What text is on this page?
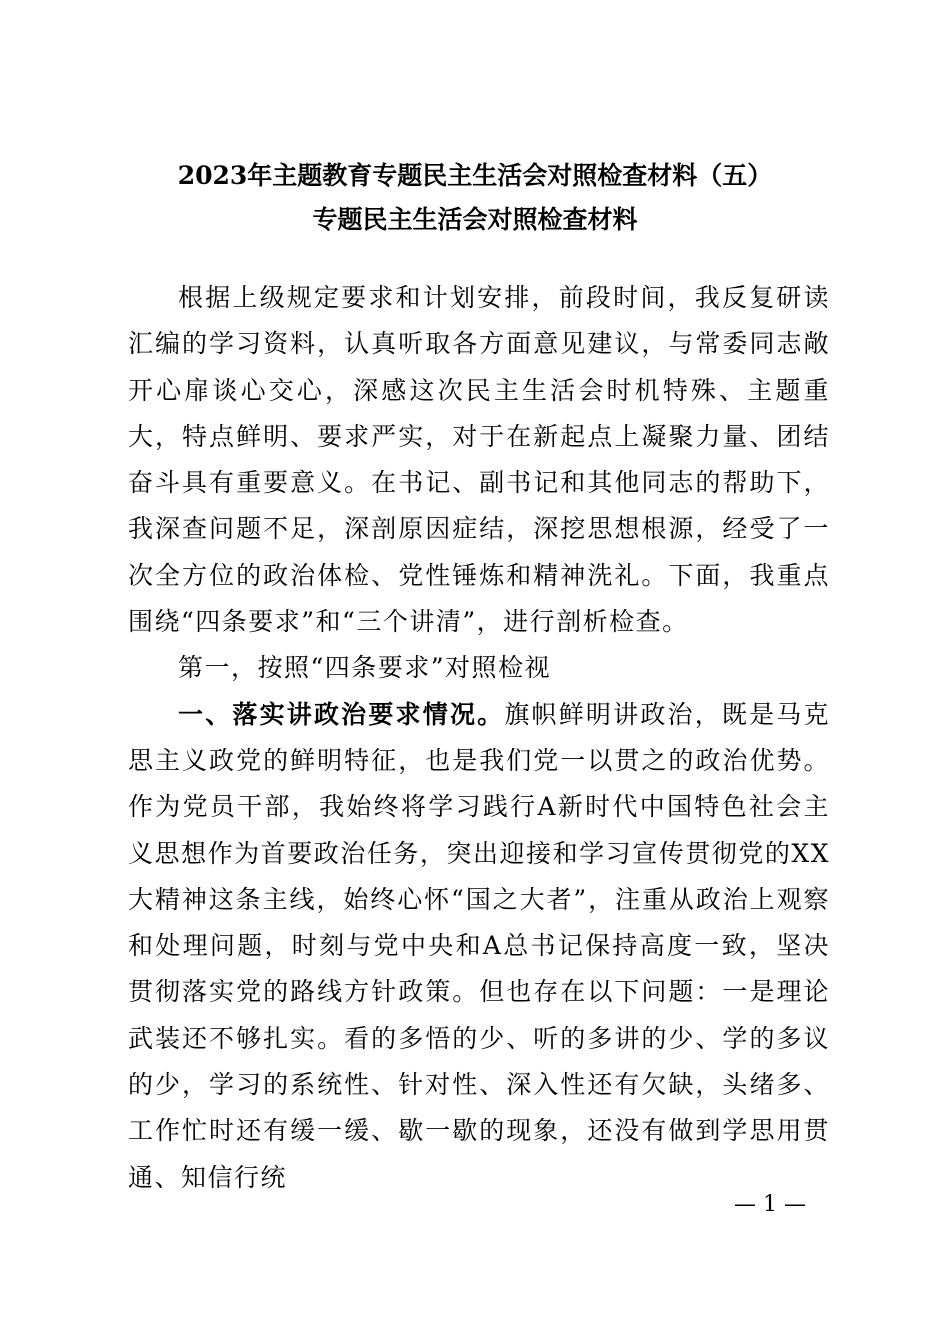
2023年主题教育专题民主生活会对照检查材料（五）
专题民主生活会对照检查材料

根据上级规定要求和计划安排，前段时间，我反复研读汇编的学习资料，认真听取各方面意见建议，与常委同志敞开心扉谈心交心，深感这次民主生活会时机特殊、主题重大，特点鲜明、要求严实，对于在新起点上凝聚力量、团结奋斗具有重要意义。在书记、副书记和其他同志的帮助下，我深查问题不足，深剖原因症结，深挖思想根源，经受了一次全方位的政治体检、党性锤炼和精神洗礼。下面，我重点围绕“四条要求”和“三个讲清”，进行剖析检查。

第一，按照“四条要求”对照检视

一、落实讲政治要求情况。旗帜鲜明讲政治，既是马克思主义政党的鲜明特征，也是我们党一以贯之的政治优势。作为党员干部，我始终将学习践行A新时代中国特色社会主义思想作为首要政治任务，突出迎接和学习宣传贯彻党的XX大精神这条主线，始终心怀“国之大者”，注重从政治上观察和处理问题，时刻与党中央和A总书记保持高度一致，坚决贯彻落实党的路线方针政策。但也存在以下问题：一是理论武装还不够扎实。看的多悟的少、听的多讲的少、学的多议的少，学习的系统性、针对性、深入性还有欠缺，头绪多、工作忙时还有缓一缓、歇一歇的现象，还没有做到学思用贯通、知信行统

— 1 —
